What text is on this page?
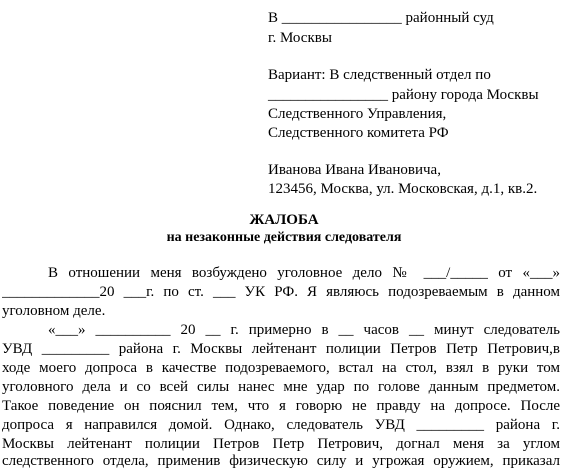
В ________________ районный суд
г. Москвы
Вариант: В следственный отдел по
________________ району города Москвы
Следственного Управления,
Следственного комитета РФ
Иванова Ивана Ивановича,
123456, Москва, ул. Московская, д.1, кв.2.
ЖАЛОБА
на незаконные действия следователя
В отношении меня возбуждено уголовное дело № ___/_____ от «___»
_____________20 ___г. по ст. ___ УК РФ. Я являюсь подозреваемым в данном
уголовном деле.
«___» __________ 20 __ г. примерно в __ часов __ минут следователь
УВД _________ района г. Москвы лейтенант полиции Петров Петр Петрович,в
ходе моего допроса в качестве подозреваемого, встал на стол, взял в руки том
уголовного дела и со всей силы нанес мне удар по голове данным предметом.
Такое поведение он пояснил тем, что я говорю не правду на допросе. После
допроса я направился домой. Однако, следователь УВД _________ района г.
Москвы лейтенант полиции Петров Петр Петрович, догнал меня за углом
следственного отдела, применив физическую силу и угрожая оружием, приказал
